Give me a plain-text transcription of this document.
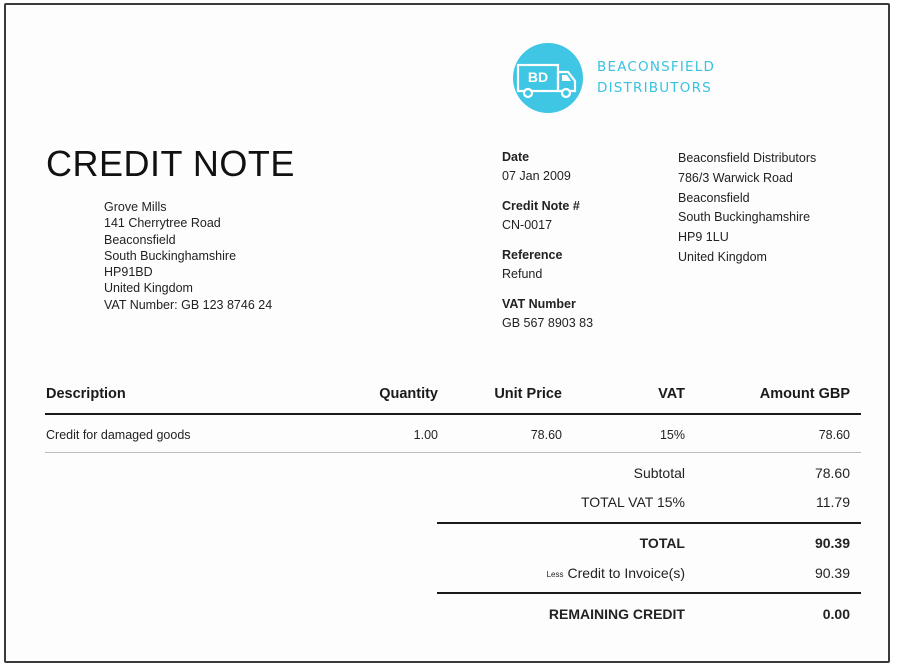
BD
BEACONSFIELD
DISTRIBUTORS
CREDIT NOTE
Grove Mills
141 Cherrytree Road
Beaconsfield
South Buckinghamshire
HP91BD
United Kingdom
VAT Number: GB 123 8746 24
Date
07 Jan 2009
Credit Note #
CN-0017
Reference
Refund
VAT Number
GB 567 8903 83
Beaconsfield Distributors
786/3 Warwick Road
Beaconsfield
South Buckinghamshire
HP9 1LU
United Kingdom
Description	Quantity	Unit Price	VAT	Amount GBP
Credit for damaged goods	1.00	78.60	15%	78.60
Subtotal	78.60
TOTAL VAT 15%	11.79
TOTAL	90.39
Less Credit to Invoice(s)	90.39
REMAINING CREDIT	0.00
